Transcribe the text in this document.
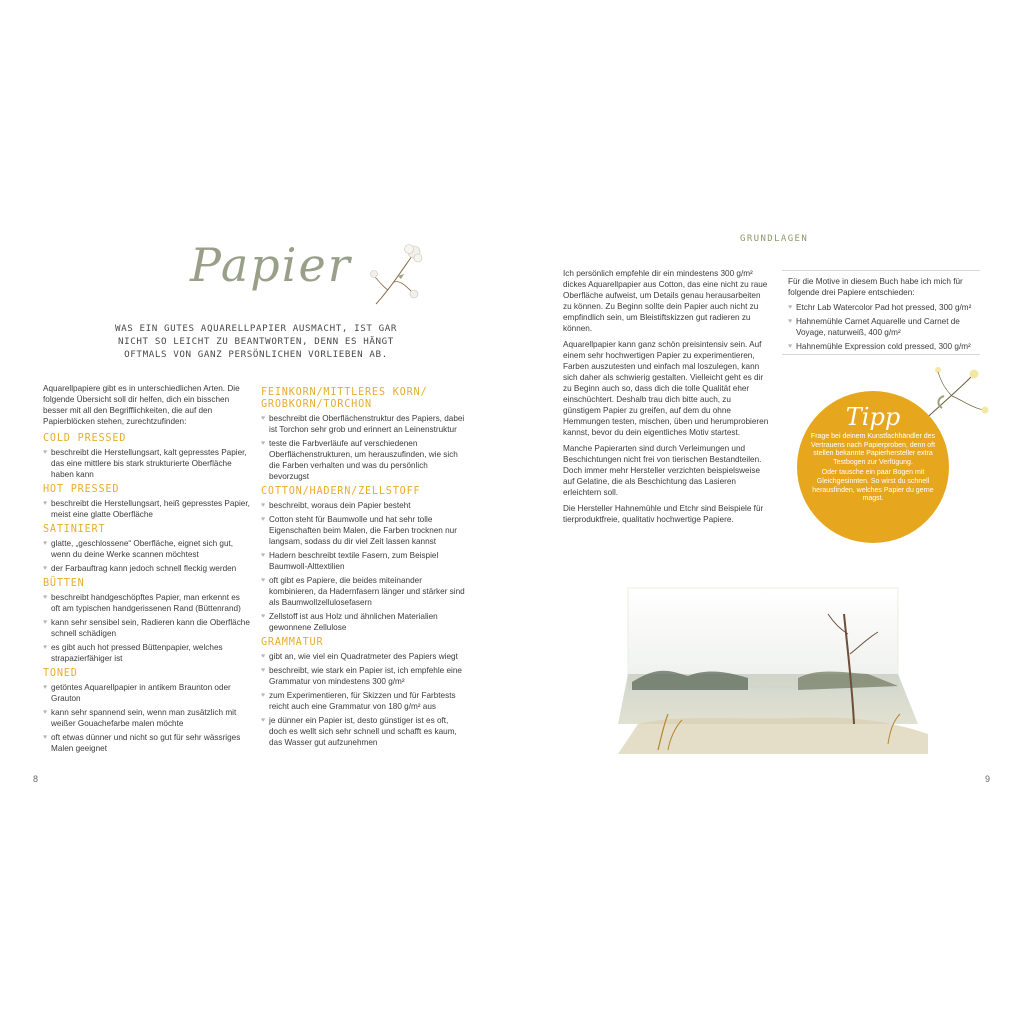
Papier
WAS EIN GUTES AQUARELLPAPIER AUSMACHT, IST GAR NICHT SO LEICHT ZU BEANTWORTEN, DENN ES HÄNGT OFTMALS VON GANZ PERSÖNLICHEN VORLIEBEN AB.

Aquarellpapiere gibt es in unterschiedlichen Arten. Die folgende Übersicht soll dir helfen, dich ein bisschen besser mit all den Begrifflichkeiten, die auf den Papierblöcken stehen, zurechtzufinden:

COLD PRESSED
♥ beschreibt die Herstellungsart, kalt gepresstes Papier, das eine mittlere bis stark strukturierte Oberfläche haben kann
HOT PRESSED
♥ beschreibt die Herstellungsart, heiß gepresstes Papier, meist eine glatte Oberfläche
SATINIERT
♥ glatte, „geschlossene“ Oberfläche, eignet sich gut, wenn du deine Werke scannen möchtest
♥ der Farbauftrag kann jedoch schnell fleckig werden
BÜTTEN
♥ beschreibt handgeschöpftes Papier, man erkennt es oft am typischen handgerissenen Rand (Büttenrand)
♥ kann sehr sensibel sein, Radieren kann die Oberfläche schnell schädigen
♥ es gibt auch hot pressed Büttenpapier, welches strapazierfähiger ist
TONED
♥ getöntes Aquarellpapier in antikem Braunton oder Grauton
♥ kann sehr spannend sein, wenn man zusätzlich mit weißer Gouachefarbe malen möchte
♥ oft etwas dünner und nicht so gut für sehr wässriges Malen geeignet
FEINKORN/MITTLERES KORN/ GROBKORN/TORCHON
♥ beschreibt die Oberflächenstruktur des Papiers, dabei ist Torchon sehr grob und erinnert an Leinenstruktur
♥ teste die Farbverläufe auf verschiedenen Oberflächenstrukturen, um herauszufinden, wie sich die Farben verhalten und was du persönlich bevorzugst
COTTON/HADERN/ZELLSTOFF
♥ beschreibt, woraus dein Papier besteht
♥ Cotton steht für Baumwolle und hat sehr tolle Eigenschaften beim Malen, die Farben trocknen nur langsam, sodass du dir viel Zeit lassen kannst
♥ Hadern beschreibt textile Fasern, zum Beispiel Baumwoll-Alttextilien
♥ oft gibt es Papiere, die beides miteinander kombinieren, da Hadernfasern länger und stärker sind als Baumwollzellulosefasern
♥ Zellstoff ist aus Holz und ähnlichen Materialien gewonnene Zellulose
GRAMMATUR
♥ gibt an, wie viel ein Quadratmeter des Papiers wiegt
♥ beschreibt, wie stark ein Papier ist, ich empfehle eine Grammatur von mindestens 300 g/m²
♥ zum Experimentieren, für Skizzen und für Farbtests reicht auch eine Grammatur von 180 g/m² aus
♥ je dünner ein Papier ist, desto günstiger ist es oft, doch es wellt sich sehr schnell und schafft es kaum, das Wasser gut aufzunehmen
8
GRUNDLAGEN

Ich persönlich empfehle dir ein mindestens 300 g/m² dickes Aquarellpapier aus Cotton, das eine nicht zu raue Oberfläche aufweist, um Details genau herausarbeiten zu können. Zu Beginn sollte dein Papier auch nicht zu empfindlich sein, um Bleistiftskizzen gut radieren zu können.

Aquarellpapier kann ganz schön preisintensiv sein. Auf einem sehr hochwertigen Papier zu experimentieren, Farben auszutesten und einfach mal loszulegen, kann sich daher als schwierig gestalten. Vielleicht geht es dir zu Beginn auch so, dass dich die tolle Qualität eher einschüchtert. Deshalb trau dich bitte auch, zu günstigem Papier zu greifen, auf dem du ohne Hemmungen testen, mischen, üben und herumprobieren kannst, bevor du dein eigentliches Motiv startest.

Manche Papierarten sind durch Verleimungen und Beschichtungen nicht frei von tierischen Bestandteilen. Doch immer mehr Hersteller verzichten beispielsweise auf Gelatine, die als Beschichtung das Lasieren erleichtern soll.

Die Hersteller Hahnemühle und Etchr sind Beispiele für tierproduktfreie, qualitativ hochwertige Papiere.

Für die Motive in diesem Buch habe ich mich für folgende drei Papiere entschieden:

♥ Etchr Lab Watercolor Pad hot pressed, 300 g/m²
♥ Hahnemühle Carnet Aquarelle und Carnet de Voyage, naturweiß, 400 g/m²
♥ Hahnemühle Expression cold pressed, 300 g/m²
Tipp

Frage bei deinem Kunstfachhändler des Vertrauens nach Papierproben, denn oft stellen bekannte Papierhersteller extra Testbogen zur Verfügung.

Oder tausche ein paar Bogen mit Gleichgesinnten. So wirst du schnell herausfinden, welches Papier du gerne magst.

9
